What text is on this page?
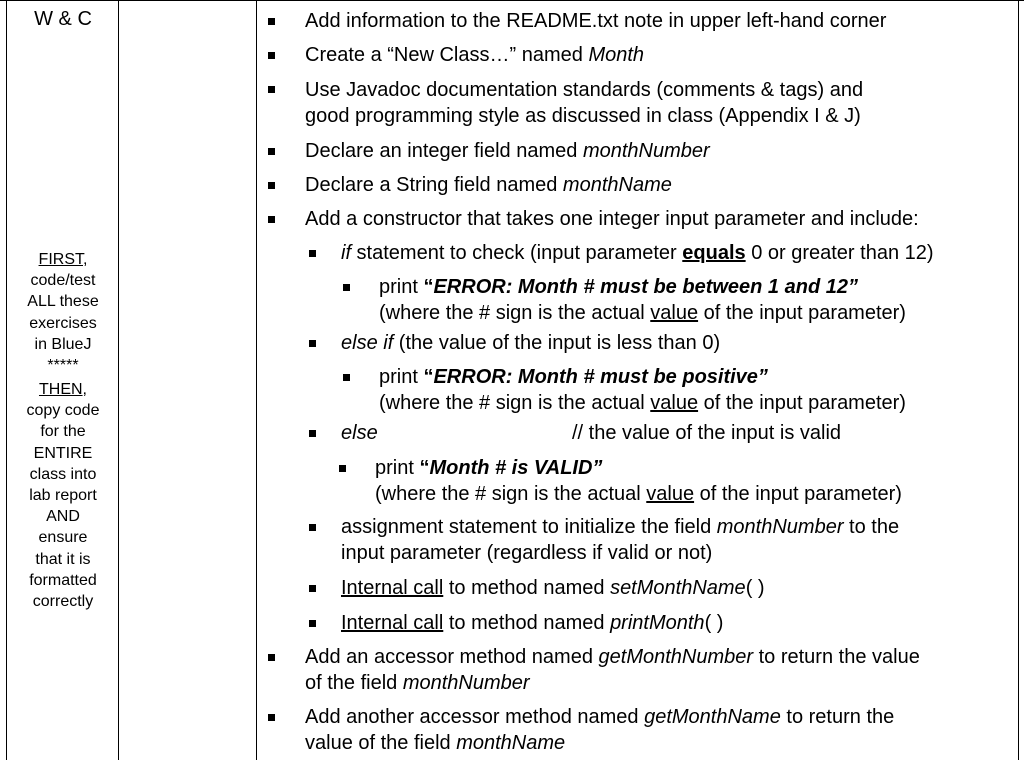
W & C
FIRST,
code/test
ALL these
exercises
in BlueJ
*****
THEN,
copy code
for the
ENTIRE
class into
lab report
AND
ensure
that it is
formatted
correctly
Add information to the README.txt note in upper left-hand corner
Create a “New Class…” named Month
Use Javadoc documentation standards (comments & tags) and
good programming style as discussed in class (Appendix I & J)
Declare an integer field named monthNumber
Declare a String field named monthName
Add a constructor that takes one integer input parameter and include:
if statement to check (input parameter equals 0 or greater than 12)
print “ERROR: Month # must be between 1 and 12”
(where the # sign is the actual value of the input parameter)
else if (the value of the input is less than 0)
print “ERROR: Month # must be positive”
(where the # sign is the actual value of the input parameter)
else	// the value of the input is valid
print “Month # is VALID”
(where the # sign is the actual value of the input parameter)
assignment statement to initialize the field monthNumber to the
input parameter (regardless if valid or not)
Internal call to method named setMonthName( )
Internal call to method named printMonth( )
Add an accessor method named getMonthNumber to return the value
of the field monthNumber
Add another accessor method named getMonthName to return the
value of the field monthName
